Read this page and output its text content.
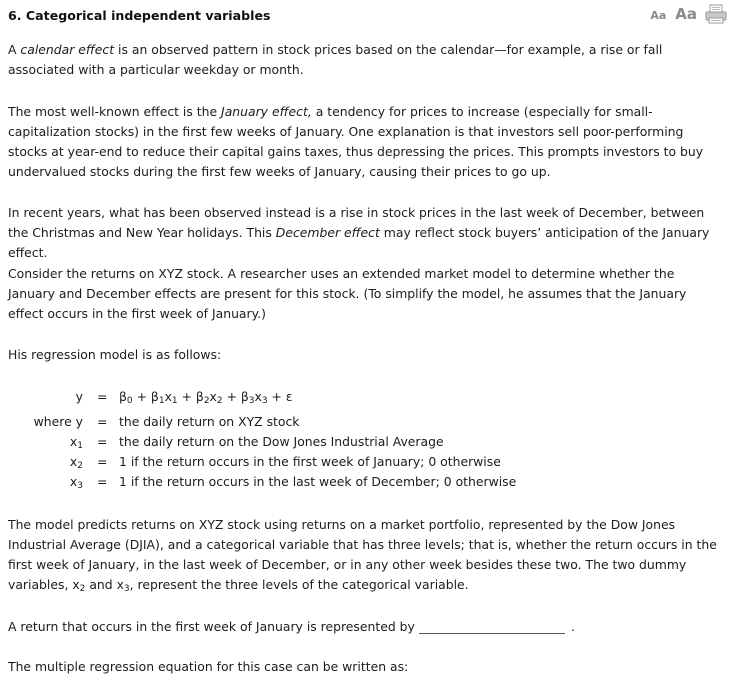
6. Categorical independent variables	Aa Aa

A calendar effect is an observed pattern in stock prices based on the calendar—for example, a rise or fall associated with a particular weekday or month.

The most well-known effect is the January effect, a tendency for prices to increase (especially for small-capitalization stocks) in the first few weeks of January. One explanation is that investors sell poor-performing stocks at year-end to reduce their capital gains taxes, thus depressing the prices. This prompts investors to buy undervalued stocks during the first few weeks of January, causing their prices to go up.

In recent years, what has been observed instead is a rise in stock prices in the last week of December, between the Christmas and New Year holidays. This December effect may reflect stock buyers’ anticipation of the January effect.

Consider the returns on XYZ stock. A researcher uses an extended market model to determine whether the January and December effects are present for this stock. (To simplify the model, he assumes that the January effect occurs in the first week of January.)

His regression model is as follows:

$y = \beta_0 + \beta_1x_1 + \beta_2x_2 + \beta_3x_3 + \varepsilon$
where y = the daily return on XYZ stock
$x_1$ = the daily return on the Dow Jones Industrial Average
$x_2 = 1$ if the return occurs in the first week of January; 0 otherwise
$x_3 = 1$ if the return occurs in the last week of December; 0 otherwise

The model predicts returns on XYZ stock using returns on a market portfolio, represented by the Dow Jones Industrial Average (DJIA), and a categorical variable that has three levels; that is, whether the return occurs in the first week of January, in the last week of December, or in any other week besides these two. The two dummy variables, $x_2$ and $x_3$, represent the three levels of the categorical variable.

A return that occurs in the first week of January is represented by	.

The multiple regression equation for this case can be written as:
